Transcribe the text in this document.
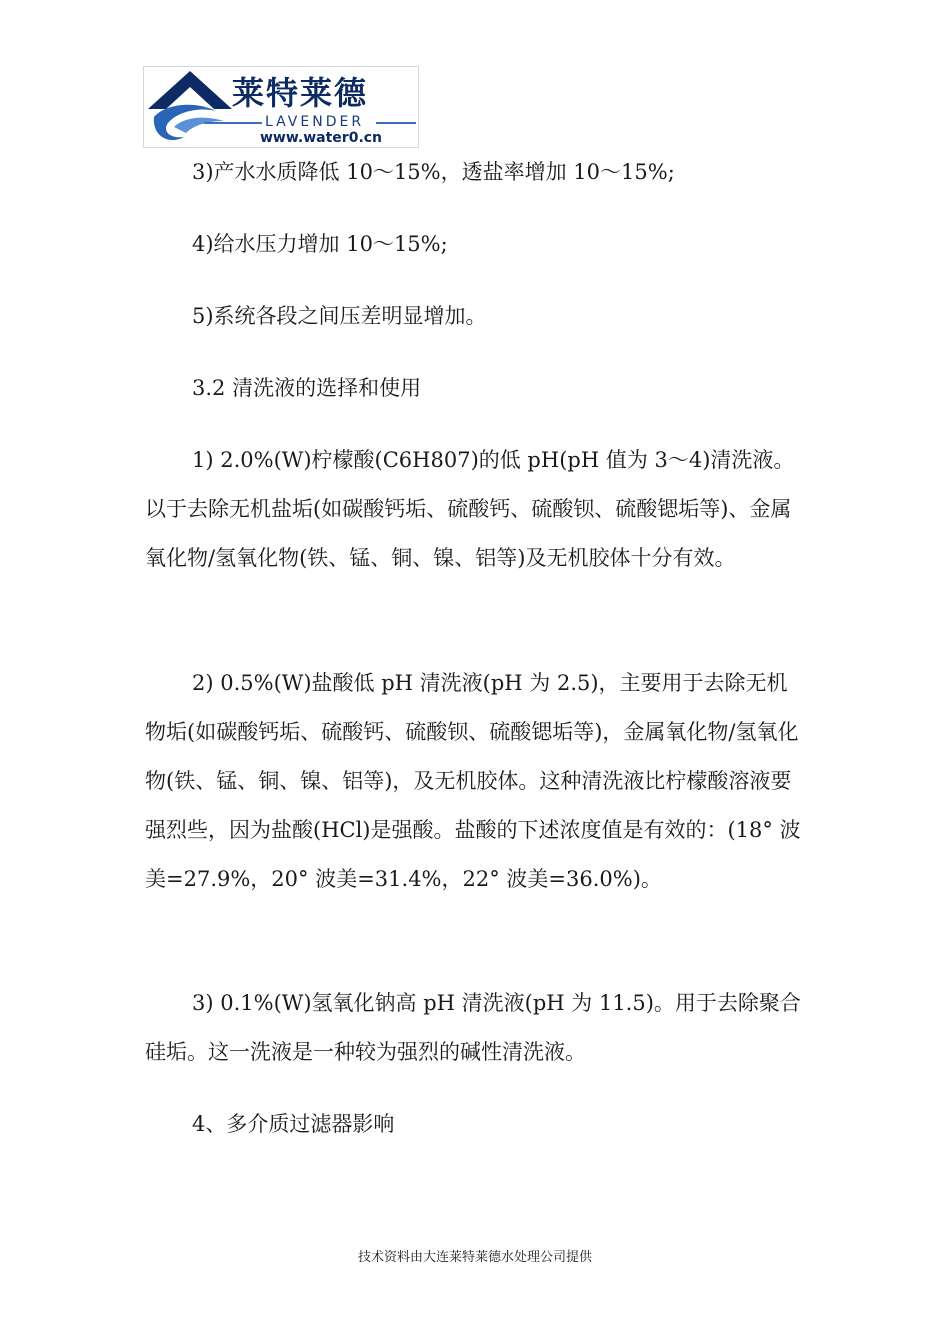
莱特莱德
LAVENDER
www.water0.cn

3)产水水质降低 10～15%，透盐率增加 10～15%;

4)给水压力增加 10～15%;

5)系统各段之间压差明显增加。

3.2 清洗液的选择和使用

1) 2.0%(W)柠檬酸(C6H807)的低 pH(pH 值为 3～4)清洗液。以于去除无机盐垢(如碳酸钙垢、硫酸钙、硫酸钡、硫酸锶垢等)、金属氧化物/氢氧化物(铁、锰、铜、镍、铝等)及无机胶体十分有效。

2) 0.5%(W)盐酸低 pH 清洗液(pH 为 2.5)，主要用于去除无机物垢(如碳酸钙垢、硫酸钙、硫酸钡、硫酸锶垢等)，金属氧化物/氢氧化物(铁、锰、铜、镍、铝等)，及无机胶体。这种清洗液比柠檬酸溶液要强烈些，因为盐酸(HCl)是强酸。盐酸的下述浓度值是有效的：(18° 波美=27.9%，20° 波美=31.4%，22° 波美=36.0%)。

3) 0.1%(W)氢氧化钠高 pH 清洗液(pH 为 11.5)。用于去除聚合硅垢。这一洗液是一种较为强烈的碱性清洗液。

4、多介质过滤器影响

技术资料由大连莱特莱德水处理公司提供
